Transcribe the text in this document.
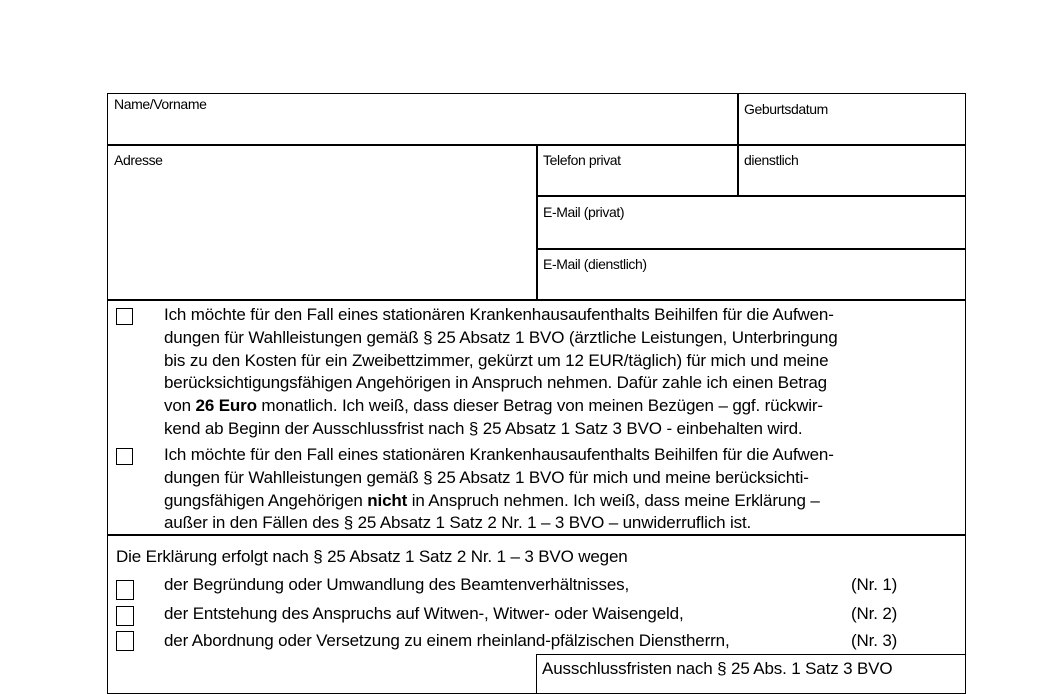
Name/Vorname	Geburtsdatum
Adresse	Telefon privat	dienstlich
E-Mail (privat)
E-Mail (dienstlich)

Ich möchte für den Fall eines stationären Krankenhausaufenthalts Beihilfen für die Aufwen-

dungen für Wahlleistungen gemäß § 25 Absatz 1 BVO (ärztliche Leistungen, Unterbringung

bis zu den Kosten für ein Zweibettzimmer, gekürzt um 12 EUR/täglich) für mich und meine

berücksichtigungsfähigen Angehörigen in Anspruch nehmen. Dafür zahle ich einen Betrag

von 26 Euro monatlich. Ich weiß, dass dieser Betrag von meinen Bezügen – ggf. rückwir-

kend ab Beginn der Ausschlussfrist nach § 25 Absatz 1 Satz 3 BVO - einbehalten wird.

Ich möchte für den Fall eines stationären Krankenhausaufenthalts Beihilfen für die Aufwen-

dungen für Wahlleistungen gemäß § 25 Absatz 1 BVO für mich und meine berücksichti-

gungsfähigen Angehörigen nicht in Anspruch nehmen. Ich weiß, dass meine Erklärung –

außer in den Fällen des § 25 Absatz 1 Satz 2 Nr. 1 – 3 BVO – unwiderruflich ist.

Die Erklärung erfolgt nach § 25 Absatz 1 Satz 2 Nr. 1 – 3 BVO wegen
der Begründung oder Umwandlung des Beamtenverhältnisses,	(Nr. 1)
der Entstehung des Anspruchs auf Witwen-, Witwer- oder Waisengeld,	(Nr. 2)
der Abordnung oder Versetzung zu einem rheinland-pfälzischen Dienstherrn,	(Nr. 3)
Ausschlussfristen nach § 25 Abs. 1 Satz 3 BVO
